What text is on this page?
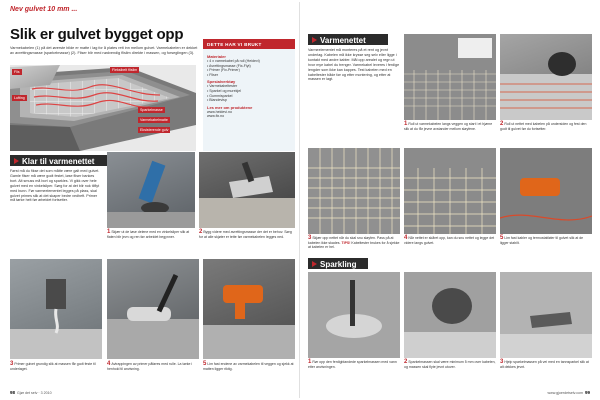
Nev gulvet 10 mm ...
Slik er gulvet bygget opp
Varmekabelen (1) på det øverste bilde er matte i lag for å plates rett inn mellom gulvet. Varmekabelen er dekket av avrettingsmasse (sparkelmasse) (2). Fliser blir med nødvendig flislim direkte i massen, og forseglingen (3).
Flis	Fleksibelt flislim
Lufting
Sparkelmasse
Varmekabelmatte
Eksisterende gulv
Materialer
• 4 x varmekabel på rull (Heidevi)
• Avrettingsmasse (Fix-Flyt)
• Primer (Fix-Primer)
• Fliser
Spesialverktøy
• Varmekabeltester
• Sparkel og murekjel
• Gummisparkel
• Blandevisp
Les mer om produktene
www.heidevi.no
www.fix.no
DETTE HAR VI BRUKT
Klar til varmenettet
Først må du fikse det som måtte være galt med gulvet. Gamle fliser må være godt festet, løse fliser bankes bort. Alt smuss må bort og sparkles. Vi gikk over hele gulvet med en vinkelsliper. Sørg for at det blir nok tilflyt med bunn. Før varmeelementet legges på plass, skal gulvet primes slik at det skaper bedre vedheft. Primer må tørke helt før arbeidet fortsetter.
1Skjær ut de løse delene med en vinkelsliper slik at flaten blir jevn og ren før arbeidet begynner.
2Bygg videre med avrettingsmasse der det er behov. Sørg for at alle skjøter er tette før varmekabelen legges ned.
3Primer gulvet grundig slik at massen får godt feste til underlaget.
4Avtrappingen av primer påføres med rulle. La tørke i henhold til anvisning.
5Lim fast endene av varmekabelen til veggen og sjekk at matten ligger riktig.
98 Gjør det selv · 3 2010
Varmenettet
Varmeelementet må monteres på et rent og jevnt underlag. Kabelen må ikke krysse seg selv eller ligge i kontakt med andre kabler. Mål opp arealet og regn ut hvor mye kabel du trenger. Varmekabel leveres i ferdige lengder som ikke kan kappes. Test kabelen med en kabeltester både før og etter montering, og etter at massen er lagt.
1Rull ut varmekabelen langs veggen og start i et hjørne slik at du får jevne avstander mellom sløyfene.
2Rull ut nettet med kabelen på undersiden og fest den godt til gulvet før du fortsetter.
3Skjær opp nettet når du skal snu sløyfen. Pass på at kabelen ikke skades. TIPS! Kabeltester brukes for å sjekke at kabelen er hel.
4Når nettet er skåret opp, kan du snu nettet og legge det videre langs gulvet.
5Lim fast kabler og termostatføler til gulvet slik at de ligger stabilt.
Sparkling
1Rør opp den ferdigblandede sparkelmassen med vann etter anvisningen.
2Sparkelmassen skal være minimum 5 mm over kabelen, og massen skal flyte jevnt utover.
3Hjelp sparkelmassen på vei med en tannsparkel slik at alt dekkes jevnt.
www.gjoerdetselv.com 99
